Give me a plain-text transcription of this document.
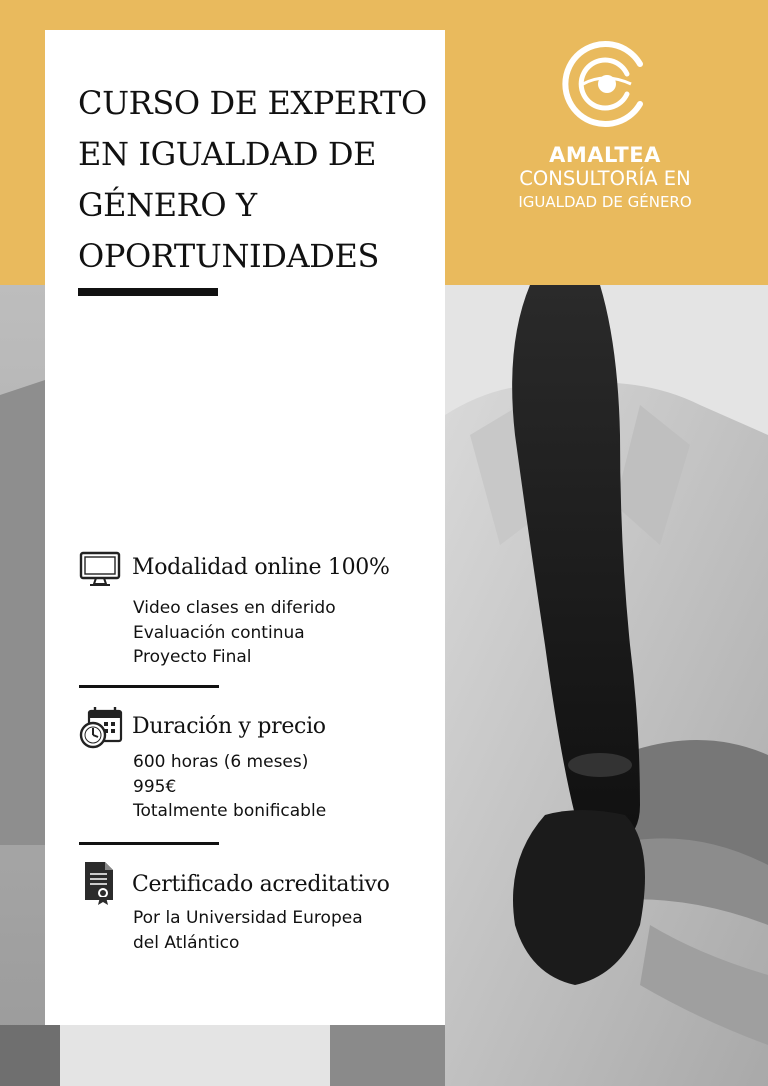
CURSO DE EXPERTO
EN IGUALDAD DE
GÉNERO Y
OPORTUNIDADES
Modalidad online 100%
Video clases en diferido
Evaluación continua
Proyecto Final
Duración y precio
600 horas (6 meses)
995€
Totalmente bonificable
Certificado acreditativo
Por la Universidad Europea
del Atlántico
AMALTEA
CONSULTORÍA EN
IGUALDAD DE GÉNERO
